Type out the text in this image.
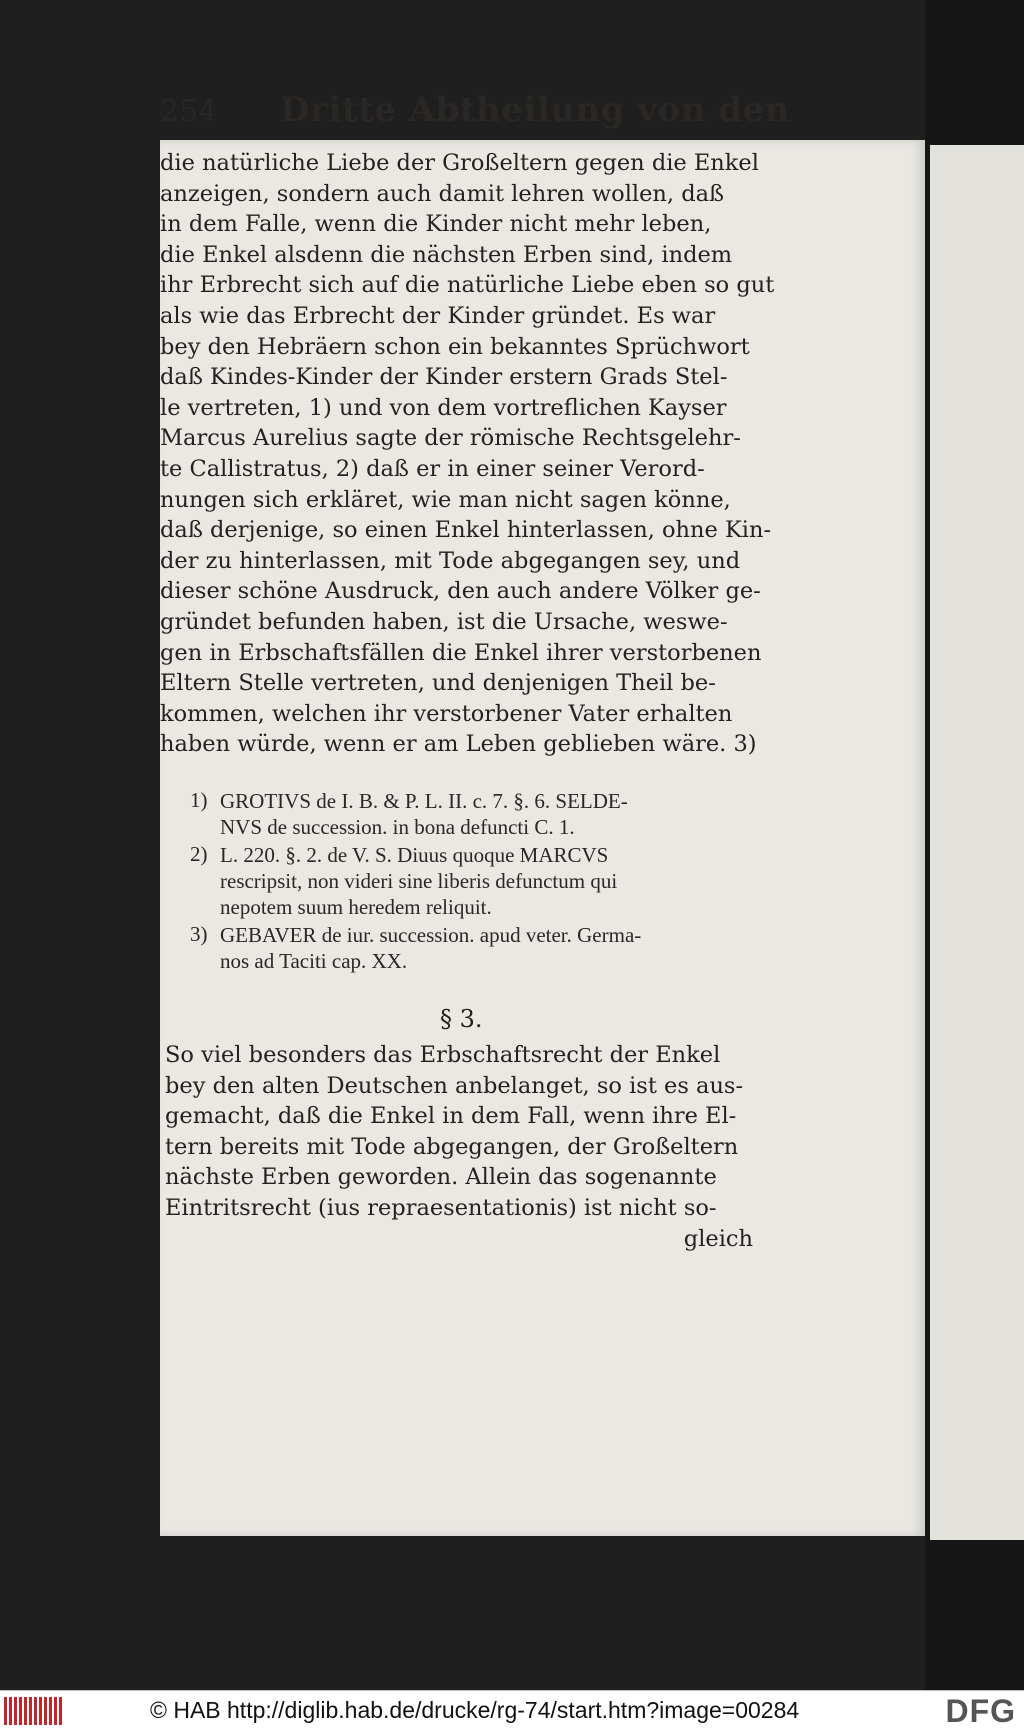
254 Dritte Abtheilung von den
die natürliche Liebe der Großeltern gegen die Enkel
anzeigen, sondern auch damit lehren wollen, daß
in dem Falle, wenn die Kinder nicht mehr leben,
die Enkel alsdenn die nächsten Erben sind, indem
ihr Erbrecht sich auf die natürliche Liebe eben so gut
als wie das Erbrecht der Kinder gründet. Es war
bey den Hebräern schon ein bekanntes Sprüchwort
daß Kindes-Kinder der Kinder erstern Grads Stel-
le vertreten, 1) und von dem vortreflichen Kayser
Marcus Aurelius sagte der römische Rechtsgelehr-
te Callistratus, 2) daß er in einer seiner Verord-
nungen sich erkläret, wie man nicht sagen könne,
daß derjenige, so einen Enkel hinterlassen, ohne Kin-
der zu hinterlassen, mit Tode abgegangen sey, und
dieser schöne Ausdruck, den auch andere Völker ge-
gründet befunden haben, ist die Ursache, weswe-
gen in Erbschaftsfällen die Enkel ihrer verstorbenen
Eltern Stelle vertreten, und denjenigen Theil be-
kommen, welchen ihr verstorbener Vater erhalten
haben würde, wenn er am Leben geblieben wäre. 3)
1) GROTIVS de I. B. & P. L. II. c. 7. §. 6. SELDE-
NVS de succession. in bona defuncti C. 1.
2) L. 220. §. 2. de V. S. Diuus quoque MARCVS
rescripsit, non videri sine liberis defunctum qui
nepotem suum heredem reliquit.
3) GEBAVER de iur. succession. apud veter. Germa-
nos ad Taciti cap. XX.
§ 3.
So viel besonders das Erbschaftsrecht der Enkel
bey den alten Deutschen anbelanget, so ist es aus-
gemacht, daß die Enkel in dem Fall, wenn ihre El-
tern bereits mit Tode abgegangen, der Großeltern
nächste Erben geworden. Allein das sogenannte
Eintritsrecht (ius repraesentationis) ist nicht so-
gleich
© HAB http://diglib.hab.de/drucke/rg-74/start.htm?image=00284	DFG
